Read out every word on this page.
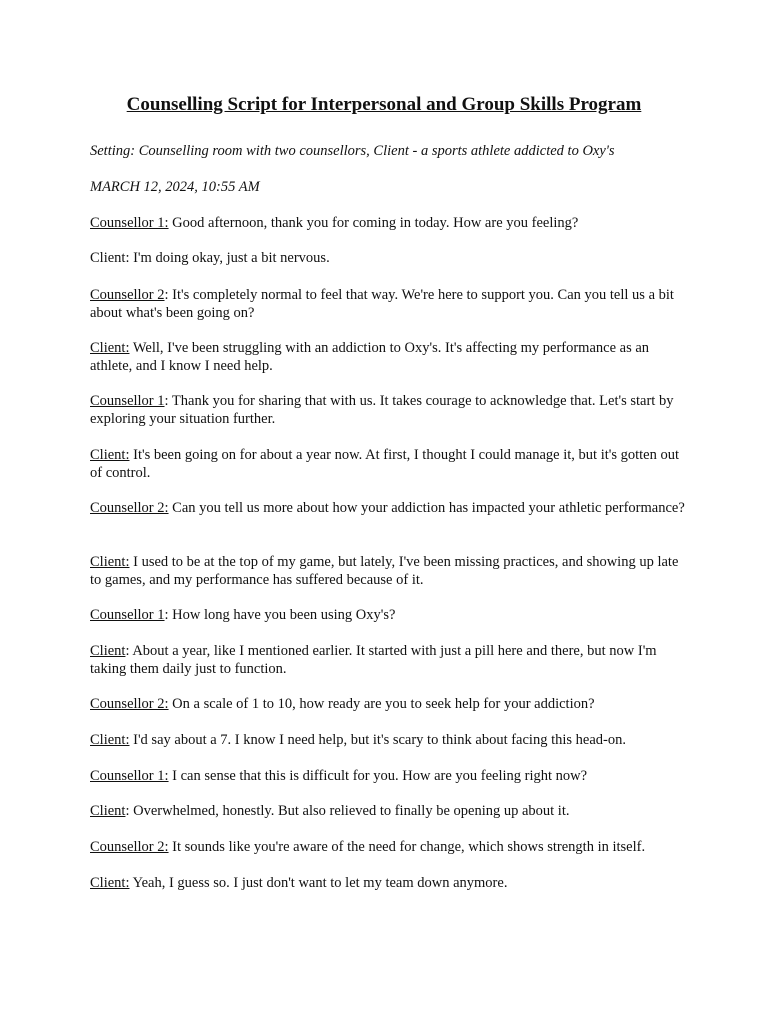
Counselling Script for Interpersonal and Group Skills Program

Setting: Counselling room with two counsellors, Client - a sports athlete addicted to Oxy's

MARCH 12, 2024, 10:55 AM

Counsellor 1: Good afternoon, thank you for coming in today. How are you feeling?

Client: I'm doing okay, just a bit nervous.

Counsellor 2: It's completely normal to feel that way. We're here to support you. Can you tell us a bit about what's been going on?

Client: Well, I've been struggling with an addiction to Oxy's. It's affecting my performance as an athlete, and I know I need help.

Counsellor 1: Thank you for sharing that with us. It takes courage to acknowledge that. Let's start by exploring your situation further.

Client: It's been going on for about a year now. At first, I thought I could manage it, but it's gotten out of control.

Counsellor 2: Can you tell us more about how your addiction has impacted your athletic performance?

Client: I used to be at the top of my game, but lately, I've been missing practices, and showing up late to games, and my performance has suffered because of it.

Counsellor 1: How long have you been using Oxy's?

Client: About a year, like I mentioned earlier. It started with just a pill here and there, but now I'm taking them daily just to function.

Counsellor 2: On a scale of 1 to 10, how ready are you to seek help for your addiction?

Client: I'd say about a 7. I know I need help, but it's scary to think about facing this head-on.

Counsellor 1: I can sense that this is difficult for you. How are you feeling right now?

Client: Overwhelmed, honestly. But also relieved to finally be opening up about it.

Counsellor 2: It sounds like you're aware of the need for change, which shows strength in itself.

Client: Yeah, I guess so. I just don't want to let my team down anymore.
